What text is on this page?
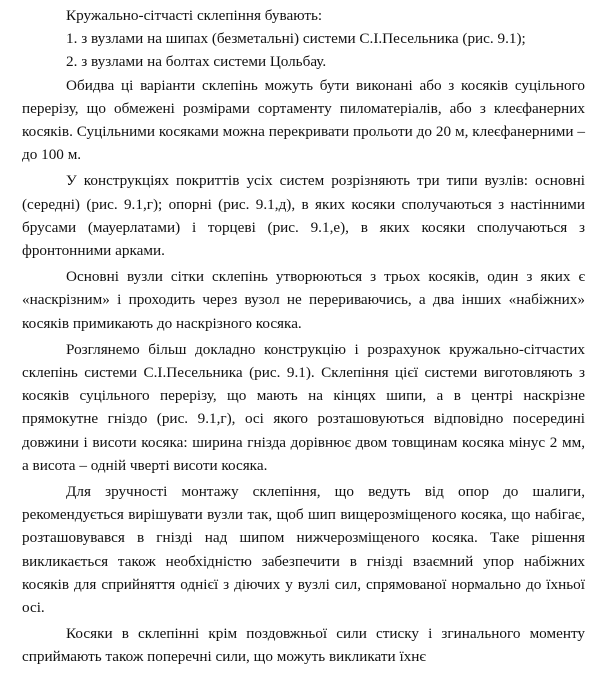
Кружально-сітчасті склепіння бувають:

1. з вузлами на шипах (безметальні) системи С.І.Песельника (рис. 9.1);

2. з вузлами на болтах системи Цольбау.

Обидва ці варіанти склепінь можуть бути виконані або з косяків суцільного перерізу, що обмежені розмірами сортаменту пиломатеріалів, або з клеєфанерних косяків. Суцільними косяками можна перекривати прольоти до 20 м, клеєфанерними – до 100 м.

У конструкціях покриттів усіх систем розрізняють три типи вузлів: основні (середні) (рис. 9.1,г); опорні (рис. 9.1,д), в яких косяки сполучаються з настінними брусами (мауерлатами) і торцеві (рис. 9.1,е), в яких косяки сполучаються з фронтонними арками.

Основні вузли сітки склепінь утворюються з трьох косяків, один з яких є «наскрізним» і проходить через вузол не перериваючись, а два інших «набіжних» косяків примикають до наскрізного косяка.

Розглянемо більш докладно конструкцію і розрахунок кружально-сітчастих склепінь системи С.І.Песельника (рис. 9.1). Склепіння цієї системи виготовляють з косяків суцільного перерізу, що мають на кінцях шипи, а в центрі наскрізне прямокутне гніздо (рис. 9.1,г), осі якого розташовуються відповідно посередині довжини і висоти косяка: ширина гнізда дорівнює двом товщинам косяка мінус 2 мм, а висота – одній чверті висоти косяка.

Для зручності монтажу склепіння, що ведуть від опор до шалиги, рекомендується вирішувати вузли так, щоб шип вищерозміщеного косяка, що набігає, розташовувався в гнізді над шипом нижчерозміщеного косяка. Таке рішення викликається також необхідністю забезпечити в гнізді взаємний упор набіжних косяків для сприйняття однієї з діючих у вузлі сил, спрямованої нормально до їхньої осі.

Косяки в склепінні крім поздовжньої сили стиску і згинального моменту сприймають також поперечні сили, що можуть викликати їхнє
